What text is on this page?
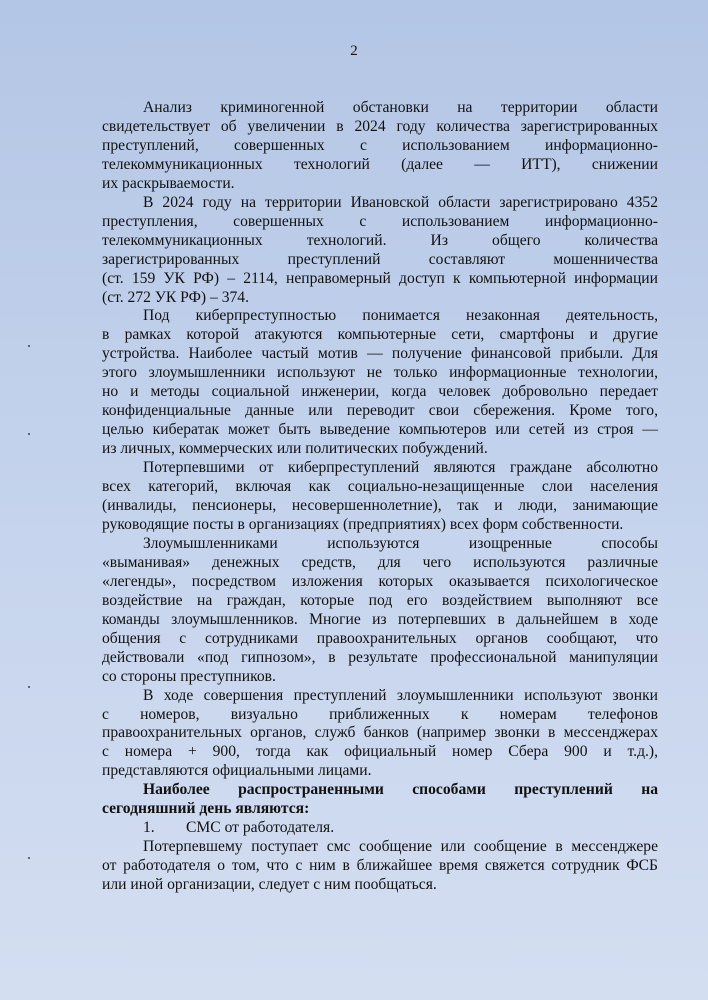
2

Анализ криминогенной обстановки на территории области

свидетельствует об увеличении в 2024 году количества зарегистрированных

преступлений, совершенных с использованием информационно-

телекоммуникационных технологий (далее — ИТТ), снижении

их раскрываемости.

В 2024 году на территории Ивановской области зарегистрировано 4352

преступления, совершенных с использованием информационно-

телекоммуникационных технологий. Из общего количества

зарегистрированных преступлений составляют мошенничества

(ст. 159 УК РФ) – 2114, неправомерный доступ к компьютерной информации

(ст. 272 УК РФ) – 374.

Под киберпреступностью понимается незаконная деятельность,

в рамках которой атакуются компьютерные сети, смартфоны и другие

устройства. Наиболее частый мотив — получение финансовой прибыли. Для

этого злоумышленники используют не только информационные технологии,

но и методы социальной инженерии, когда человек добровольно передает

конфиденциальные данные или переводит свои сбережения. Кроме того,

целью кибератак может быть выведение компьютеров или сетей из строя —

из личных, коммерческих или политических побуждений.

Потерпевшими от киберпреступлений являются граждане абсолютно

всех категорий, включая как социально-незащищенные слои населения

(инвалиды, пенсионеры, несовершеннолетние), так и люди, занимающие

руководящие посты в организациях (предприятиях) всех форм собственности.

Злоумышленниками используются изощренные способы

«выманивая» денежных средств, для чего используются различные

«легенды», посредством изложения которых оказывается психологическое

воздействие на граждан, которые под его воздействием выполняют все

команды злоумышленников. Многие из потерпевших в дальнейшем в ходе

общения с сотрудниками правоохранительных органов сообщают, что

действовали «под гипнозом», в результате профессиональной манипуляции

со стороны преступников.

В ходе совершения преступлений злоумышленники используют звонки

с номеров, визуально приближенных к номерам телефонов

правоохранительных органов, служб банков (например звонки в мессенджерах

с номера + 900, тогда как официальный номер Сбера 900 и т.д.),

представляются официальными лицами.

Наиболее распространенными способами преступлений на

сегодняшний день являются:

1. СМС от работодателя.

Потерпевшему поступает смс сообщение или сообщение в мессенджере

от работодателя о том, что с ним в ближайшее время свяжется сотрудник ФСБ

или иной организации, следует с ним пообщаться.
